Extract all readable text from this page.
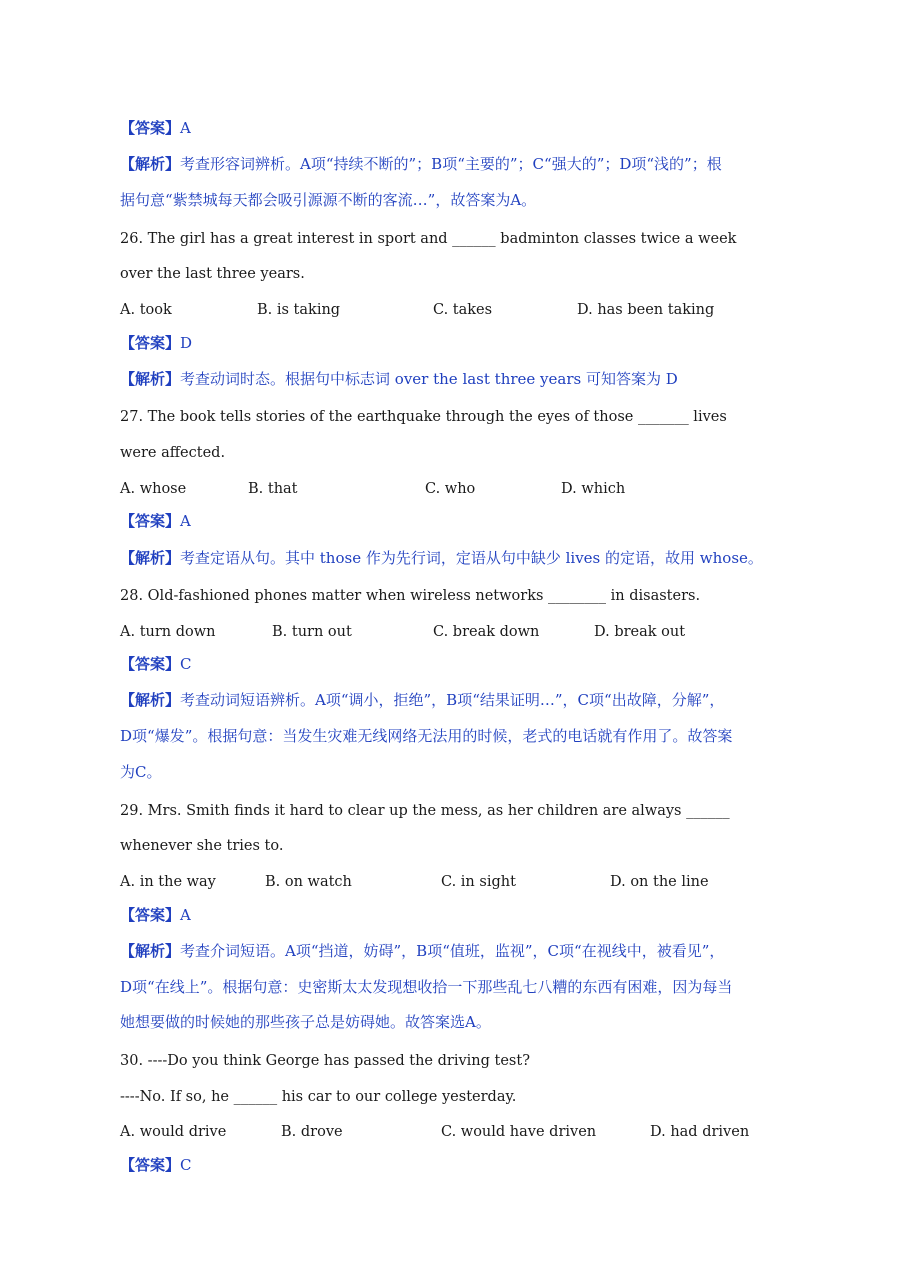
【答案】A
【解析】考查形容词辨析。A项“持续不断的”；B项“主要的”；C“强大的”；D项“浅的”；根
据句意“紫禁城每天都会吸引源源不断的客流…”，故答案为A。
26. The girl has a great interest in sport and ______ badminton classes twice a week
over the last three years.
A. took	B. is taking	C. takes	D. has been taking
【答案】D
【解析】考查动词时态。根据句中标志词 over the last three years 可知答案为 D
27. The book tells stories of the earthquake through the eyes of those _______ lives
were affected.
A. whose	B. that	C. who	D. which
【答案】A
【解析】考查定语从句。其中 those 作为先行词，定语从句中缺少 lives 的定语，故用 whose。
28. Old-fashioned phones matter when wireless networks ________ in disasters.
A. turn down	B. turn out	C. break down	D. break out
【答案】C
【解析】考查动词短语辨析。A项“调小，拒绝”，B项“结果证明…”，C项“出故障，分解”，
D项“爆发”。根据句意：当发生灾难无线网络无法用的时候，老式的电话就有作用了。故答案
为C。
29. Mrs. Smith finds it hard to clear up the mess, as her children are always ______
whenever she tries to.
A. in the way	B. on watch	C. in sight	D. on the line
【答案】A
【解析】考查介词短语。A项“挡道，妨碍”，B项“值班，监视”，C项“在视线中，被看见”，
D项“在线上”。根据句意：史密斯太太发现想收拾一下那些乱七八糟的东西有困难，因为每当
她想要做的时候她的那些孩子总是妨碍她。故答案选A。
30. ----Do you think George has passed the driving test?
----No. If so, he ______ his car to our college yesterday.
A. would drive	B. drove	C. would have driven	D. had driven
【答案】C
